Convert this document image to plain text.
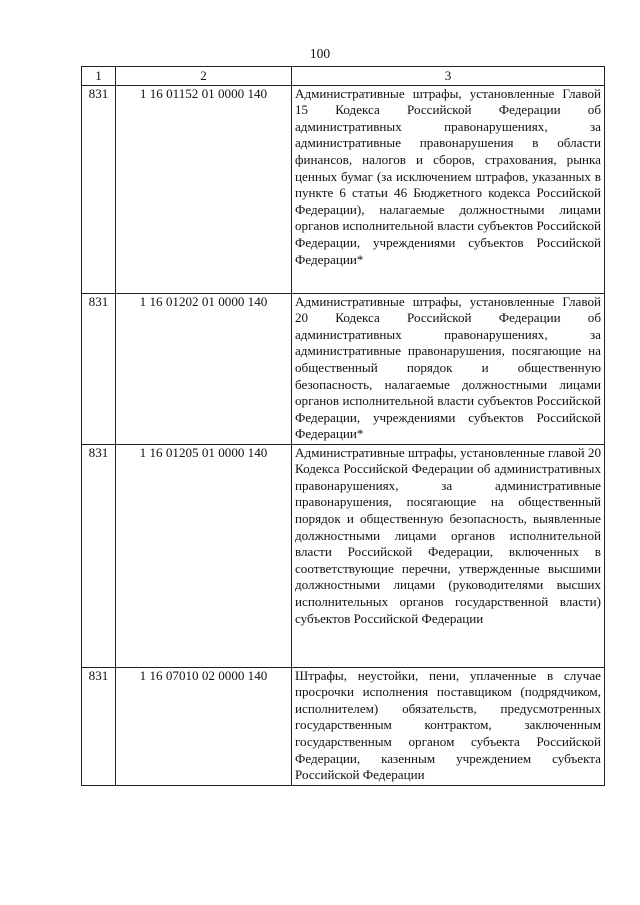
100
1	2	3
831	1 16 01152 01 0000 140	Административные штрафы, установленные Главой 15 Кодекса Российской Федерации об административных правонарушениях, за административные правонарушения в области финансов, налогов и сборов, страхования, рынка ценных бумаг (за исключением штрафов, указанных в пункте 6 статьи 46 Бюджетного кодекса Российской Федерации), налагаемые должностными лицами органов исполнительной власти субъектов Российской Федерации, учреждениями субъектов Российской Федерации*
831	1 16 01202 01 0000 140	Административные штрафы, установленные Главой 20 Кодекса Российской Федерации об административных правонарушениях, за административные правонарушения, посягающие на общественный порядок и общественную безопасность, налагаемые должностными лицами органов исполнительной власти субъектов Российской Федерации, учреждениями субъектов Российской Федерации*
831	1 16 01205 01 0000 140	Административные штрафы, установленные главой 20 Кодекса Российской Федерации об административных правонарушениях, за административные правонарушения, посягающие на общественный порядок и общественную безопасность, выявленные должностными лицами органов исполнительной власти Российской Федерации, включенных в соответствующие перечни, утвержденные высшими должностными лицами (руководителями высших исполнительных органов государственной власти) субъектов Российской Федерации
831	1 16 07010 02 0000 140	Штрафы, неустойки, пени, уплаченные в случае просрочки исполнения поставщиком (подрядчиком, исполнителем) обязательств, предусмотренных государственным контрактом, заключенным государственным органом субъекта Российской Федерации, казенным учреждением субъекта Российской Федерации
